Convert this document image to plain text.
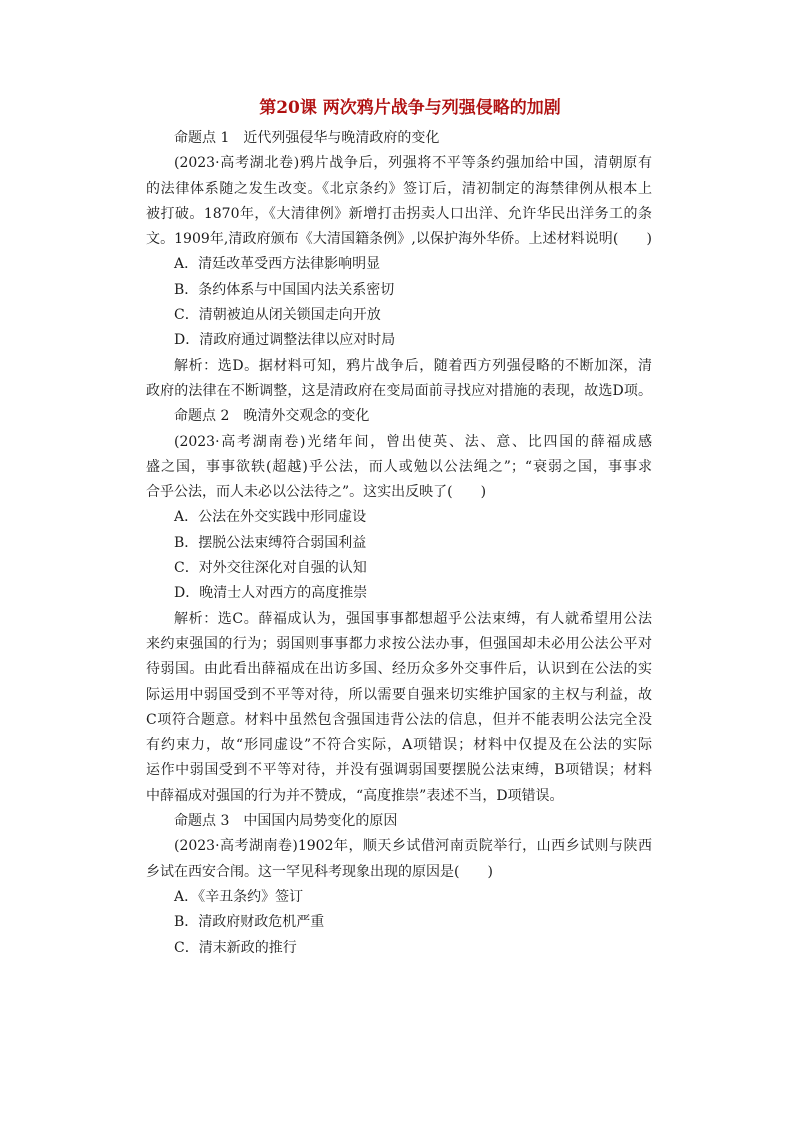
第20课 两次鸦片战争与列强侵略的加剧
命题点 1　近代列强侵华与晚清政府的变化
(2023·高考湖北卷)鸦片战争后，列强将不平等条约强加给中国，清朝原有
的法律体系随之发生改变。《北京条约》签订后，清初制定的海禁律例从根本上
被打破。1870年，《大清律例》新增打击拐卖人口出洋、允许华民出洋务工的条
文。1909年,清政府颁布《大清国籍条例》,以保护海外华侨。上述材料说明(　　)
A．清廷改革受西方法律影响明显
B．条约体系与中国国内法关系密切
C．清朝被迫从闭关锁国走向开放
D．清政府通过调整法律以应对时局
解析：选D。据材料可知，鸦片战争后，随着西方列强侵略的不断加深，清
政府的法律在不断调整，这是清政府在变局面前寻找应对措施的表现，故选D项。
命题点 2　晚清外交观念的变化
(2023·高考湖南卷)光绪年间，曾出使英、法、意、比四国的薛福成感
盛之国，事事欲轶(超越)乎公法，而人或勉以公法绳之”；“衰弱之国，事事求
合乎公法，而人未必以公法待之”。这实出反映了(　　)
A．公法在外交实践中形同虚设
B．摆脱公法束缚符合弱国利益
C．对外交往深化对自强的认知
D．晚清士人对西方的高度推崇
解析：选C。薛福成认为，强国事事都想超乎公法束缚，有人就希望用公法
来约束强国的行为；弱国则事事都力求按公法办事，但强国却未必用公法公平对
待弱国。由此看出薛福成在出访多国、经历众多外交事件后，认识到在公法的实
际运用中弱国受到不平等对待，所以需要自强来切实维护国家的主权与利益，故
C项符合题意。材料中虽然包含强国违背公法的信息，但并不能表明公法完全没
有约束力，故“形同虚设”不符合实际，A项错误；材料中仅提及在公法的实际
运作中弱国受到不平等对待，并没有强调弱国要摆脱公法束缚，B项错误；材料
中薛福成对强国的行为并不赞成，“高度推崇”表述不当，D项错误。
命题点 3　中国国内局势变化的原因
(2023·高考湖南卷)1902年，顺天乡试借河南贡院举行，山西乡试则与陕西
乡试在西安合闱。这一罕见科考现象出现的原因是(　　)
A．《辛丑条约》签订
B．清政府财政危机严重
C．清末新政的推行
